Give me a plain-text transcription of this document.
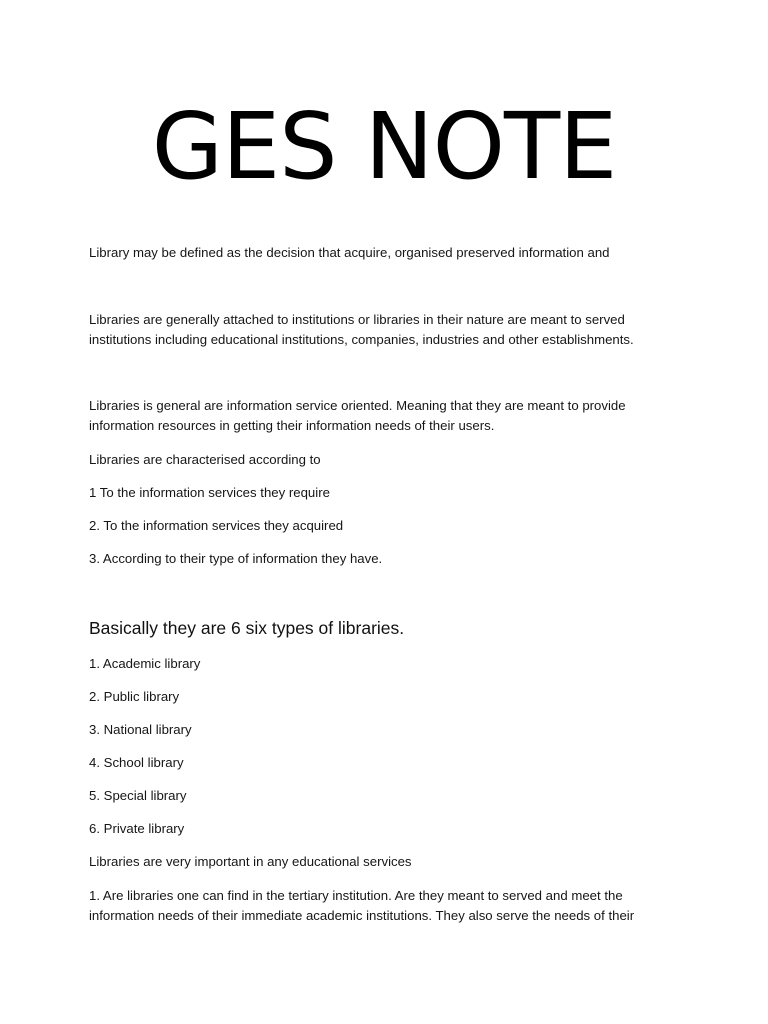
GES NOTE
Library may be defined as the decision that acquire, organised preserved information and
Libraries are generally attached to institutions or libraries in their nature are meant to served
institutions including educational institutions, companies, industries and other establishments.
Libraries is general are information service oriented. Meaning that they are meant to provide
information resources in getting their information needs of their users.
Libraries are characterised according to
1 To the information services they require
2. To the information services they acquired
3. According to their type of information they have.
Basically they are 6 six types of libraries.
1. Academic library
2. Public library
3. National library
4. School library
5. Special library
6. Private library
Libraries are very important in any educational services
1. Are libraries one can find in the tertiary institution. Are they meant to served and meet the
information needs of their immediate academic institutions. They also serve the needs of their
